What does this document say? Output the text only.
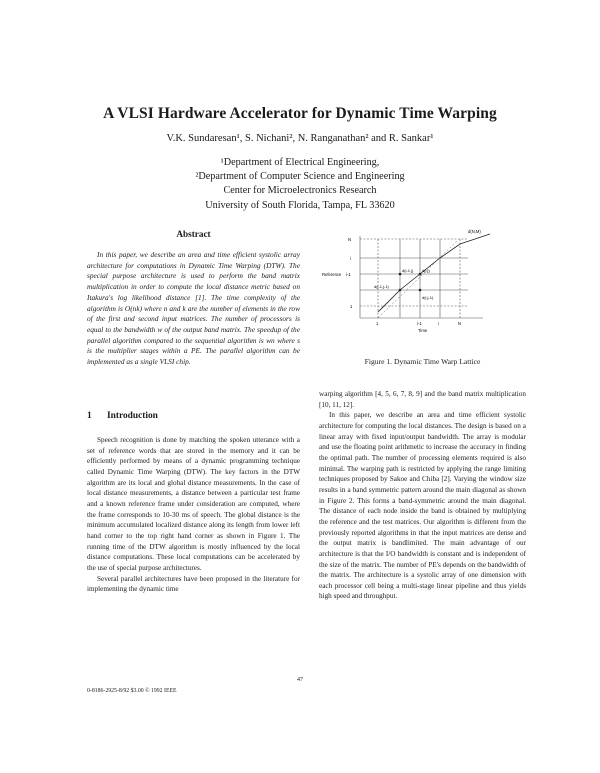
A VLSI Hardware Accelerator for Dynamic Time Warping
V.K. Sundaresan¹, S. Nichani², N. Ranganathan² and R. Sankar¹
¹Department of Electrical Engineering,
²Department of Computer Science and Engineering
Center for Microelectronics Research
University of South Florida, Tampa, FL 33620
Abstract

In this paper, we describe an area and time efficient systolic array architecture for computations in Dynamic Time Warping (DTW). The special purpose architecture is used to perform the band matrix multiplication in order to compute the local distance metric based on Itakura's log likelihood distance [1]. The time complexity of the algorithm is O(nk) where n and k are the number of elements in the row of the first and second input matrices. The number of processors is equal to the bandwidth w of the output band matrix. The speedup of the parallel algorithm compared to the sequential algorithm is wn where s is the multiplier stages within a PE. The parallel algorithm can be implemented as a single VLSI chip.

1 Introduction

Speech recognition is done by matching the spoken utterance with a set of reference words that are stored in the memory and it can be efficiently performed by means of a dynamic programming technique called Dynamic Time Warping (DTW). The key factors in the DTW algorithm are its local and global distance measurements. In the case of local distance measurements, a distance between a particular test frame and a known reference frame under consideration are computed, where the frame corresponds to 10-30 ms of speech. The global distance is the minimum accumulated localized distance along its length from lower left hand corner to the top right hand corner as shown in Figure 1. The running time of the DTW algorithm is mostly influenced by the local distance computations. These local computations can be accelerated by the use of special purpose architectures.

Several parallel architectures have been proposed in the literature for implementing the dynamic time

Reference
N
i
i-1
1
1	i-1	i	N
Time
d(N,M)
d(i-1,j) d(i,j)
d(i-1,j-1)
d(i,j-1)
Figure 1. Dynamic Time Warp Lattice

warping algorithm [4, 5, 6, 7, 8, 9] and the band matrix multiplication [10, 11, 12].

In this paper, we describe an area and time efficient systolic architecture for computing the local distances. The design is based on a linear array with fixed input/output bandwidth. The array is modular and use the floating point arithmetic to increase the accuracy in finding the optimal path. The number of processing elements required is also minimal. The warping path is restricted by applying the range limiting techniques proposed by Sakoe and Chiba [2]. Varying the window size results in a band symmetric pattern around the main diagonal as shown in Figure 2. This forms a band-symmetric around the main diagonal. The distance of each node inside the band is obtained by multiplying the reference and the test matrices. Our algorithm is different from the previously reported algorithms in that the input matrices are dense and the output matrix is bandlimited. The main advantage of our architecture is that the I/O bandwidth is constant and is independent of the size of the matrix. The number of PE's depends on the bandwidth of the matrix. The architecture is a systolic array of one dimension with each processor cell being a multi-stage linear pipeline and thus yields high speed and throughput.

47
0-8186-2925-8/92 $3.00 © 1992 IEEE
